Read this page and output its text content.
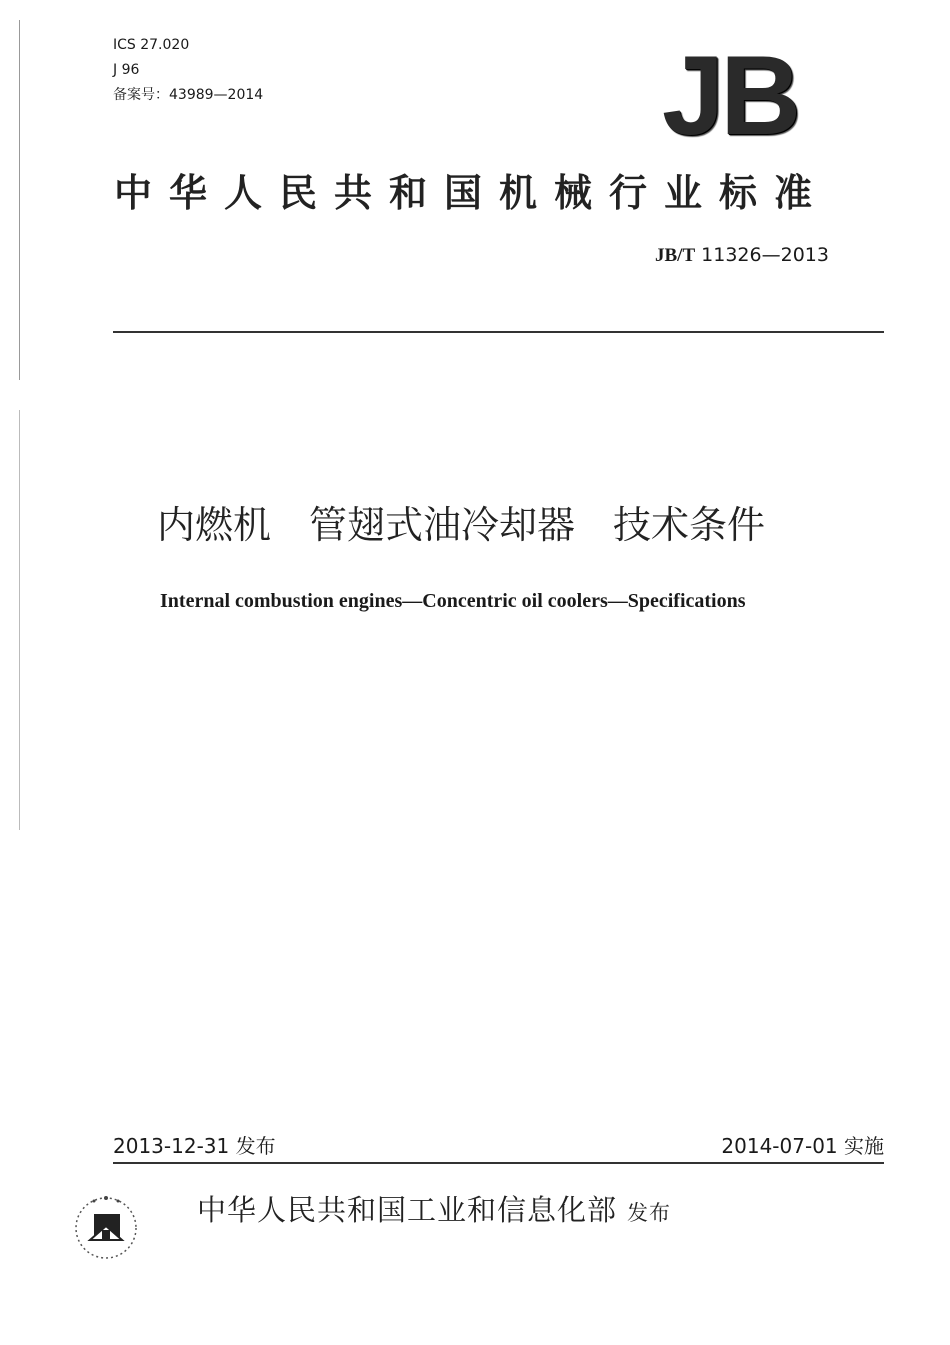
ICS 27.020
J 96
备案号：43989—2014	JB
中华人民共和国机械行业标准
JB/T 11326—2013
内燃机　管翅式油冷却器　技术条件
Internal combustion engines—Concentric oil coolers—Specifications
2013-12-31 发布	2014-07-01 实施
中华人民共和国工业和信息化部 发布
